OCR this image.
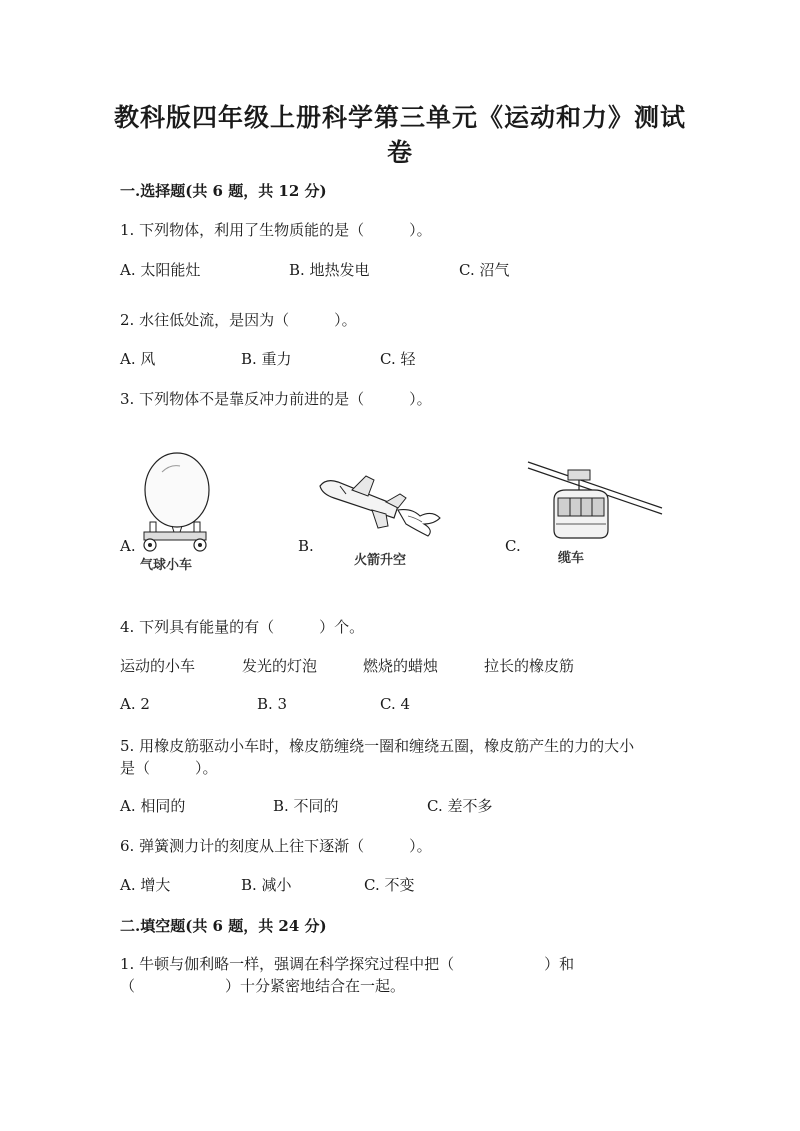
教科版四年级上册科学第三单元《运动和力》测试
卷
一.选择题(共 6 题，共 12 分)
1. 下列物体，利用了生物质能的是（　　　）。
A. 太阳能灶	B. 地热发电	C. 沼气
2. 水往低处流，是因为（　　　）。
A. 风	B. 重力	C. 轻
3. 下列物体不是靠反冲力前进的是（　　　）。
A.	B.	C.
气球小车	火箭升空	缆车
4. 下列具有能量的有（　　　）个。
运动的小车	发光的灯泡	燃烧的蜡烛	拉长的橡皮筋
A. 2	B. 3	C. 4
5. 用橡皮筋驱动小车时，橡皮筋缠绕一圈和缠绕五圈，橡皮筋产生的力的大小
是（　　　）。
A. 相同的	B. 不同的	C. 差不多
6. 弹簧测力计的刻度从上往下逐渐（　　　）。
A. 增大	B. 减小	C. 不变
二.填空题(共 6 题，共 24 分)
1. 牛顿与伽利略一样，强调在科学探究过程中把（　　　　　　）和
（　　　　　　）十分紧密地结合在一起。
